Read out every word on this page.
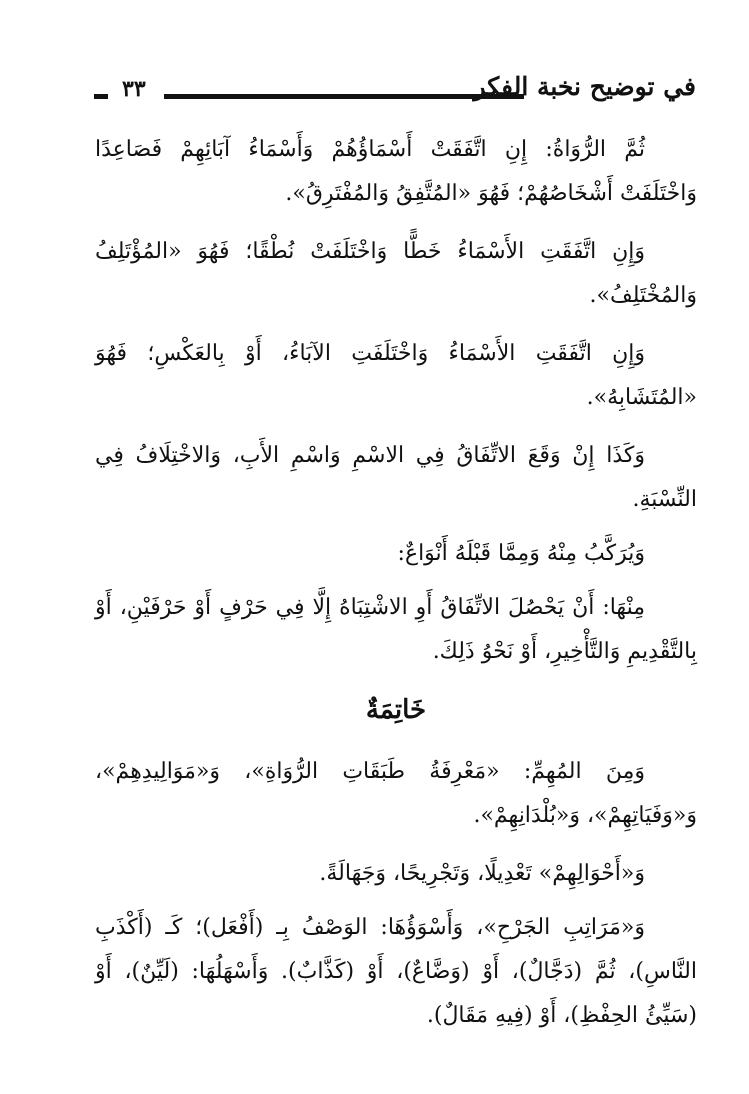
٣٣	في توضيح نخبة الفكر

ثُمَّ الرُّوَاةُ: إِنِ اتَّفَقَتْ أَسْمَاؤُهُمْ وَأَسْمَاءُ آبَائِهِمْ فَصَاعِدًا وَاخْتَلَفَتْ أَشْخَاصُهُمْ؛ فَهُوَ «المُتَّفِقُ وَالمُفْتَرِقُ».

وَإِنِ اتَّفَقَتِ الأَسْمَاءُ خَطًّا وَاخْتَلَفَتْ نُطْقًا؛ فَهُوَ «المُؤْتَلِفُ وَالمُخْتَلِفُ».

وَإِنِ اتَّفَقَتِ الأَسْمَاءُ وَاخْتَلَفَتِ الآبَاءُ، أَوْ بِالعَكْسِ؛ فَهُوَ «المُتَشَابِهُ».

وَكَذَا إِنْ وَقَعَ الاتِّفَاقُ فِي الاسْمِ وَاسْمِ الأَبِ، وَالاخْتِلَافُ فِي النِّسْبَةِ.

وَيُرَكَّبُ مِنْهُ وَمِمَّا قَبْلَهُ أَنْوَاعٌ:

مِنْهَا: أَنْ يَحْصُلَ الاتِّفَاقُ أَوِ الاشْتِبَاهُ إِلَّا فِي حَرْفٍ أَوْ حَرْفَيْنِ، أَوْ بِالتَّقْدِيمِ وَالتَّأْخِيرِ، أَوْ نَحْوُ ذَلِكَ.

خَاتِمَةٌ

وَمِنَ المُهِمِّ: «مَعْرِفَةُ طَبَقَاتِ الرُّوَاةِ»، وَ«مَوَالِيدِهِمْ»، وَ«وَفَيَاتِهِمْ»، وَ«بُلْدَانِهِمْ».

وَ«أَحْوَالِهِمْ» تَعْدِيلًا، وَتَجْرِيحًا، وَجَهَالَةً.

وَ«مَرَاتِبِ الجَرْحِ»، وَأَسْوَؤُهَا: الوَصْفُ بِـ (أَفْعَل)؛ كَـ (أَكْذَبِ النَّاسِ)، ثُمَّ (دَجَّالٌ)، أَوْ (وَضَّاعٌ)، أَوْ (كَذَّابٌ). وَأَسْهَلُهَا: (لَيِّنٌ)، أَوْ (سَيِّئُ الحِفْظِ)، أَوْ (فِيهِ مَقَالٌ).
